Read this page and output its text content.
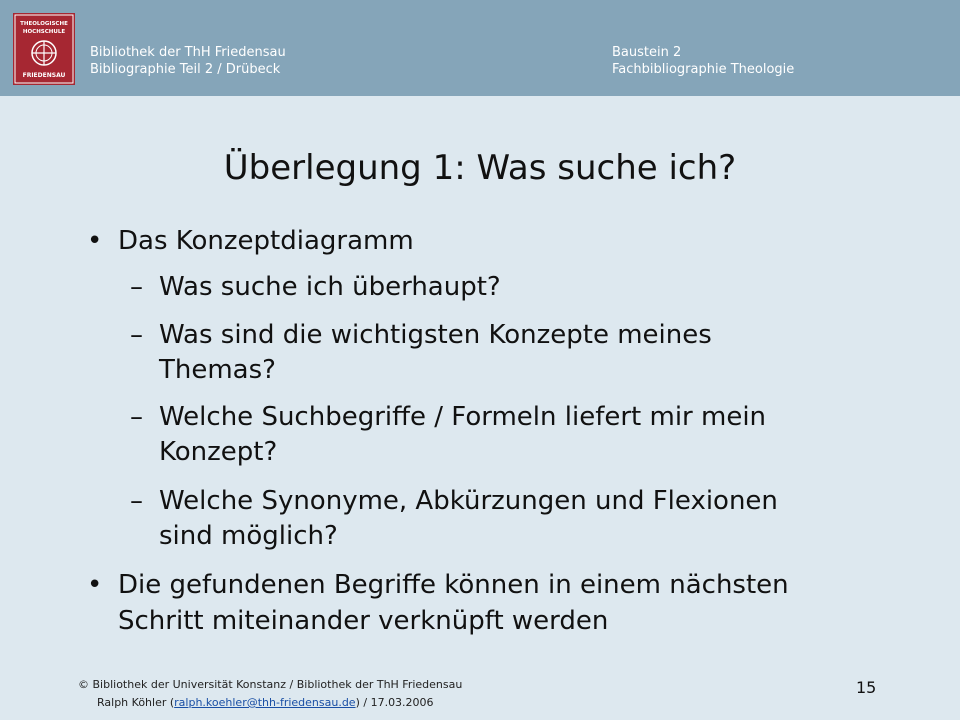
THEOLOGISCHE
HOCHSCHULE
FRIEDENSAU
Bibliothek der ThH Friedensau
Bibliographie Teil 2 / Drübeck
Baustein 2
Fachbibliographie Theologie
Überlegung 1: Was suche ich?
• Das Konzeptdiagramm
– Was suche ich überhaupt?
– Was sind die wichtigsten Konzepte meines
Themas?
– Welche Suchbegriffe / Formeln liefert mir mein
Konzept?
– Welche Synonyme, Abkürzungen und Flexionen
sind möglich?
• Die gefundenen Begriffe können in einem nächsten
Schritt miteinander verknüpft werden
© Bibliothek der Universität Konstanz / Bibliothek der ThH Friedensau
Ralph Köhler (ralph.koehler@thh-friedensau.de) / 17.03.2006
15
